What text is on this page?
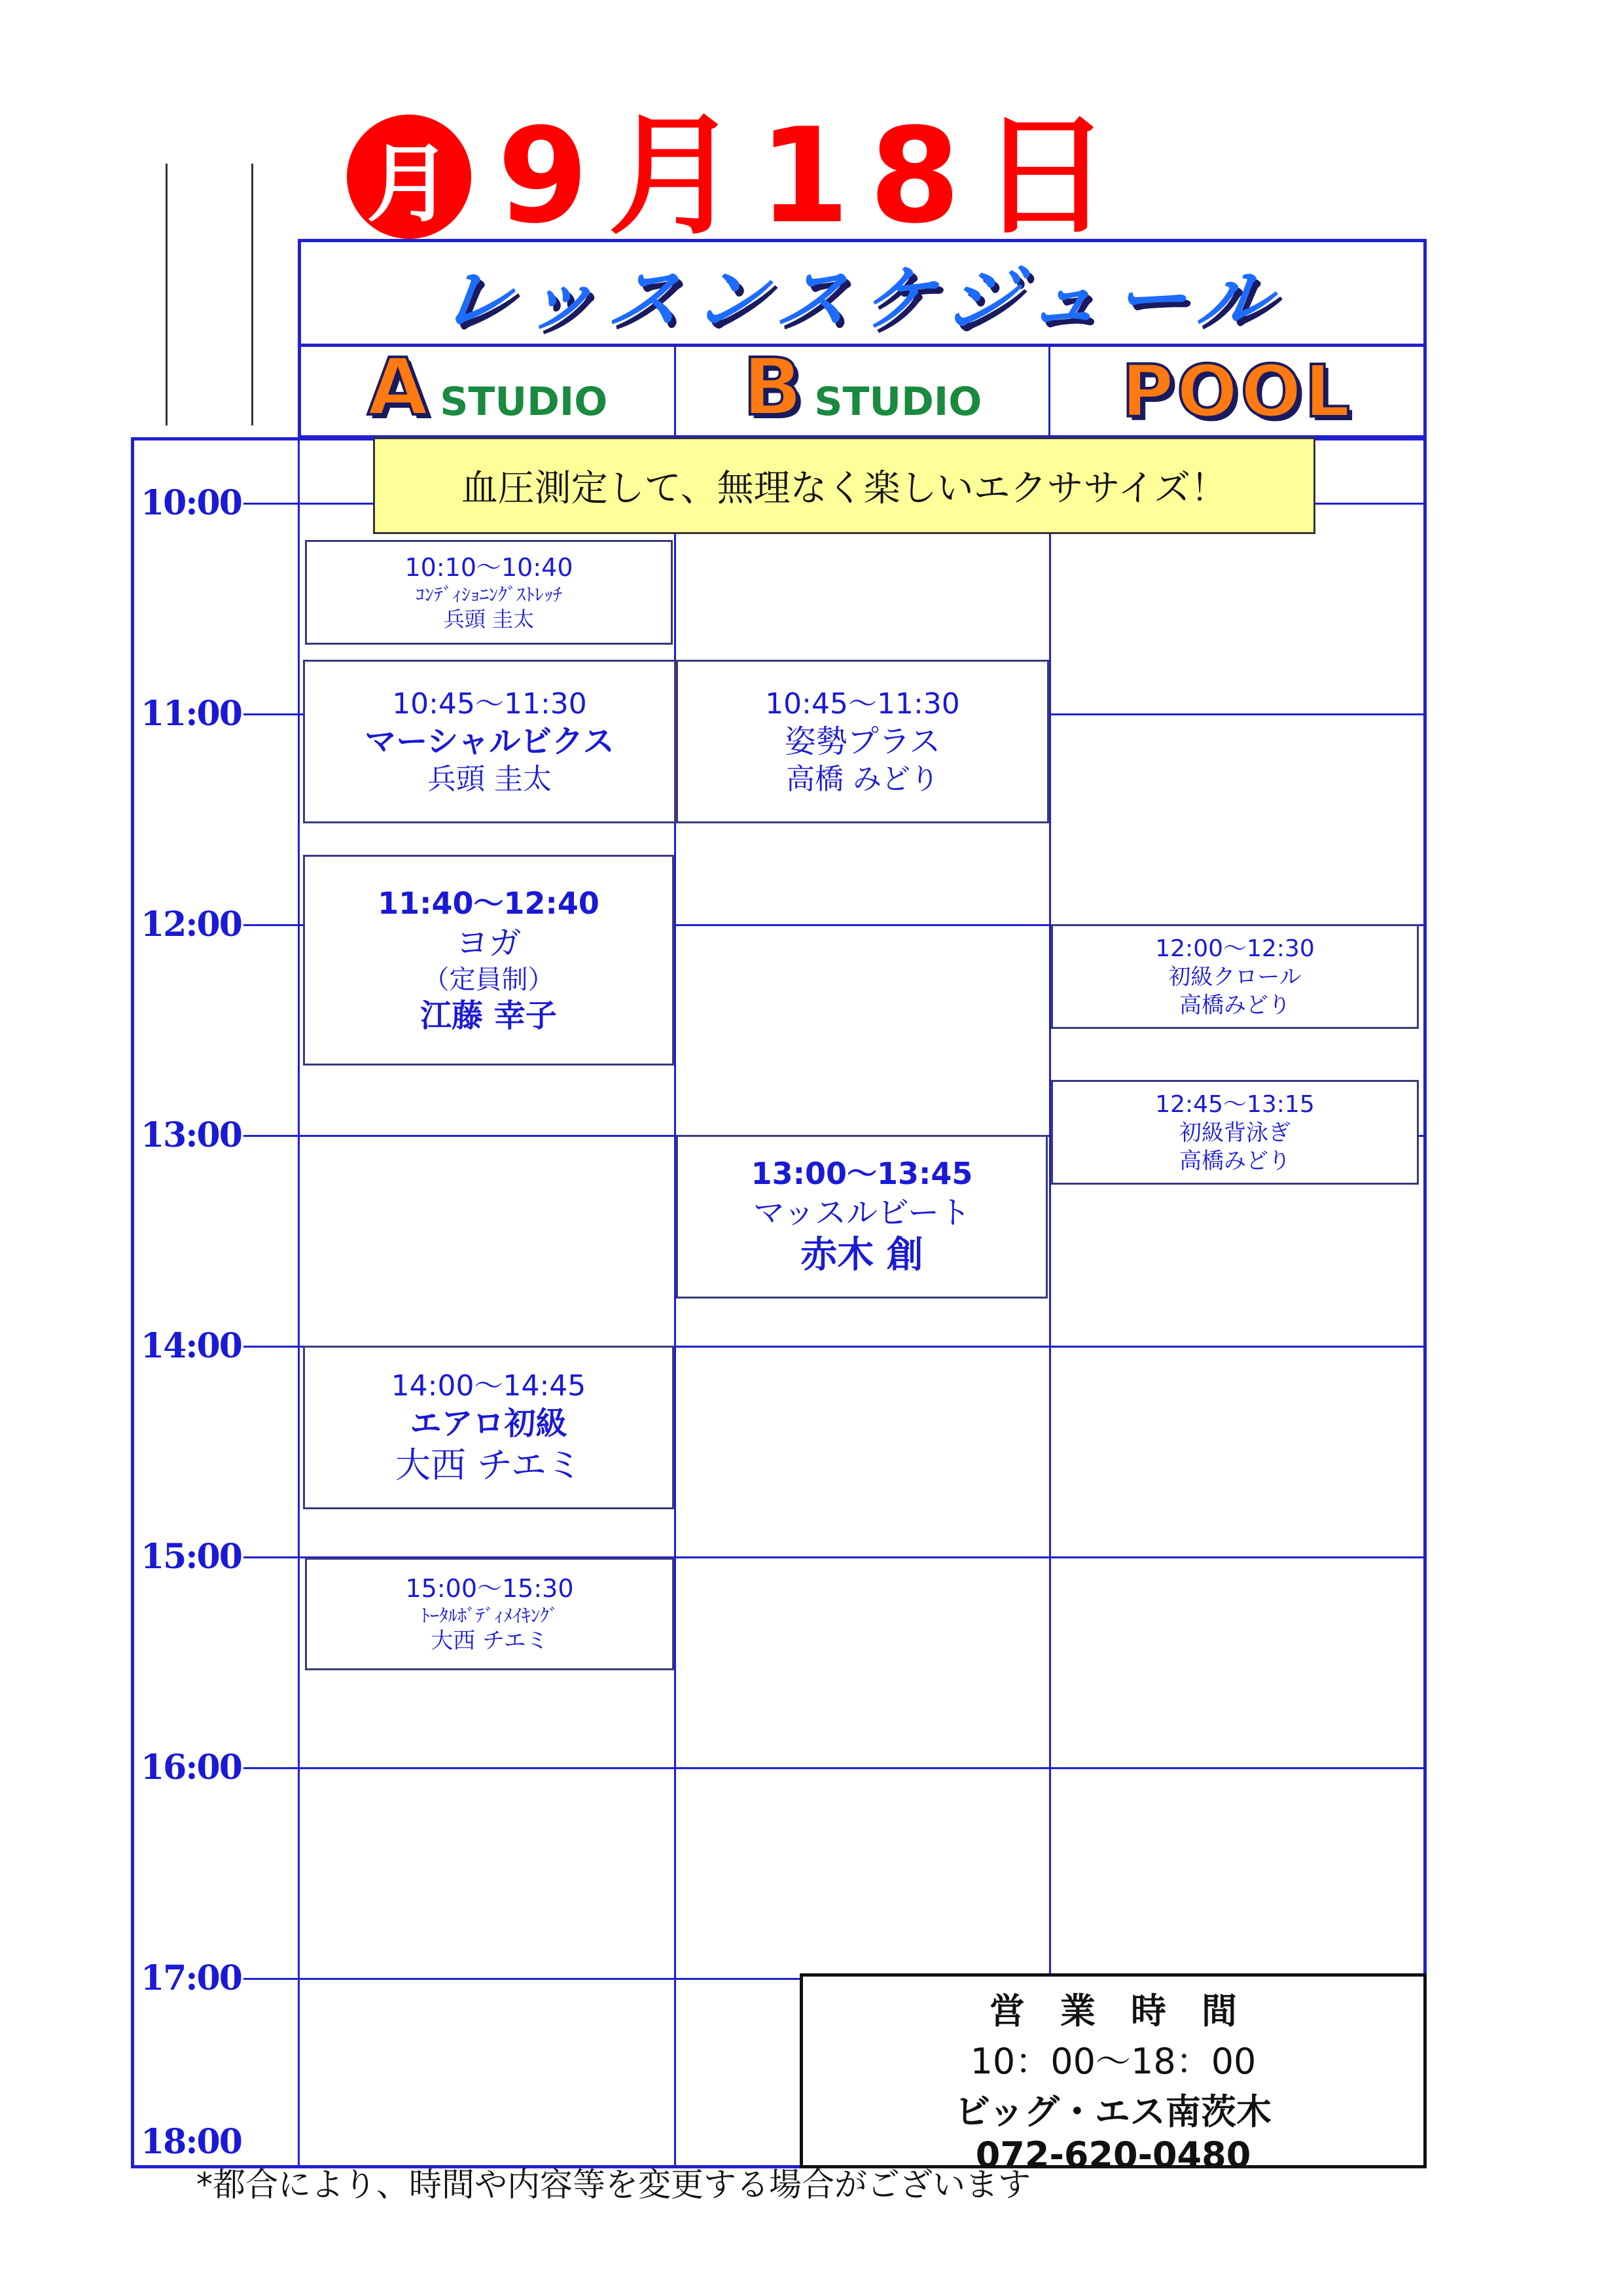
月 9月18日
レッスンスケジュール
A STUDIO B STUDIO POOL
10:00
11:00
12:00
13:00
14:00
15:00
16:00
17:00
18:00
血圧測定して、無理なく楽しいエクササイズ！
10:10～10:40
ｺﾝﾃﾞｨｼｮﾆﾝｸﾞｽﾄﾚｯﾁ
兵頭 圭太
10:45～11:30
マーシャルビクス
兵頭 圭太
11:40～12:40
ヨガ
（定員制）
江藤 幸子
14:00～14:45
エアロ初級
大西 チエミ
15:00～15:30
ﾄｰﾀﾙﾎﾞﾃﾞｨﾒｲｷﾝｸﾞ
大西 チエミ
10:45～11:30
姿勢プラス
高橋 みどり
13:00～13:45
マッスルビート
赤木 創
12:00～12:30
初級クロール
高橋みどり
12:45～13:15
初級背泳ぎ
高橋みどり
営　業　時　間
10：00～18：00
ビッグ・エス南茨木
072-620-0480
*都合により、時間や内容等を変更する場合がございます
